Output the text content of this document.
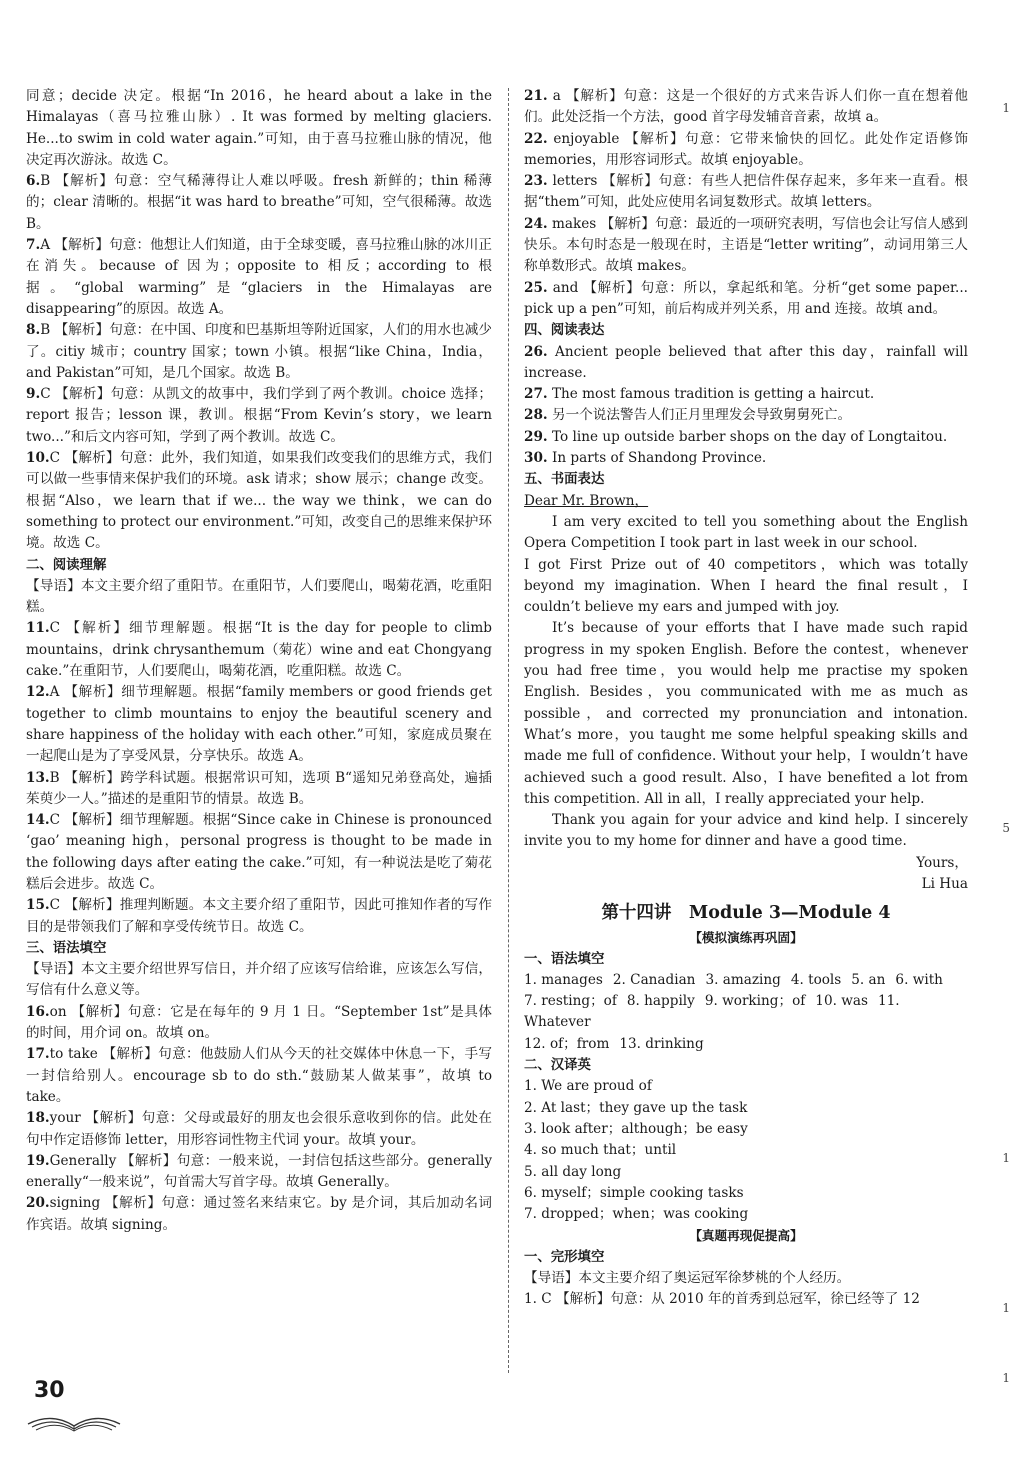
同意；decide 决定。根据“In 2016，he heard about a lake in the Himalayas（喜马拉雅山脉）. It was formed by melting glaciers. He...to swim in cold water again.”可知，由于喜马拉雅山脉的情况，他决定再次游泳。故选 C。

6.B 【解析】句意：空气稀薄得让人难以呼吸。fresh 新鲜的；thin 稀薄的；clear 清晰的。根据“it was hard to breathe”可知，空气很稀薄。故选 B。

7.A 【解析】句意：他想让人们知道，由于全球变暖，喜马拉雅山脉的冰川正在消失。because of 因为；opposite to 相反；according to 根据。“global warming”是“glaciers in the Himalayas are disappearing”的原因。故选 A。

8.B 【解析】句意：在中国、印度和巴基斯坦等附近国家，人们的用水也减少了。citiy 城市；country 国家；town 小镇。根据“like China，India，and Pakistan”可知，是几个国家。故选 B。

9.C 【解析】句意：从凯文的故事中，我们学到了两个教训。choice 选择；report 报告；lesson 课，教训。根据“From Kevin’s story，we learn two...”和后文内容可知，学到了两个教训。故选 C。

10.C 【解析】句意：此外，我们知道，如果我们改变我们的思维方式，我们可以做一些事情来保护我们的环境。ask 请求；show 展示；change 改变。根据“Also，we learn that if we... the way we think，we can do something to protect our environment.”可知，改变自己的思维来保护环境。故选 C。

二、阅读理解

【导语】本文主要介绍了重阳节。在重阳节，人们要爬山，喝菊花酒，吃重阳糕。

11.C 【解析】细节理解题。根据“It is the day for people to climb mountains，drink chrysanthemum（菊花）wine and eat Chongyang cake.”在重阳节，人们要爬山，喝菊花酒，吃重阳糕。故选 C。

12.A 【解析】细节理解题。根据“family members or good friends get together to climb mountains to enjoy the beautiful scenery and share happiness of the holiday with each other.”可知，家庭成员聚在一起爬山是为了享受风景，分享快乐。故选 A。

13.B 【解析】跨学科试题。根据常识可知，选项 B“遥知兄弟登高处，遍插茱萸少一人。”描述的是重阳节的情景。故选 B。

14.C 【解析】细节理解题。根据“Since cake in Chinese is pronounced ‘gao’ meaning high，personal progress is thought to be made in the following days after eating the cake.”可知，有一种说法是吃了菊花糕后会进步。故选 C。

15.C 【解析】推理判断题。本文主要介绍了重阳节，因此可推知作者的写作目的是带领我们了解和享受传统节日。故选 C。

三、语法填空

【导语】本文主要介绍世界写信日，并介绍了应该写信给谁，应该怎么写信，写信有什么意义等。

16.on 【解析】句意：它是在每年的 9 月 1 日。“September 1st”是具体的时间，用介词 on。故填 on。

17.to take 【解析】句意：他鼓励人们从今天的社交媒体中休息一下，手写一封信给别人。encourage sb to do sth.“鼓励某人做某事”，故填 to take。

18.your 【解析】句意：父母或最好的朋友也会很乐意收到你的信。此处在句中作定语修饰 letter，用形容词性物主代词 your。故填 your。

19.Generally 【解析】句意：一般来说，一封信包括这些部分。generally enerally“一般来说”，句首需大写首字母。故填 Generally。

20.signing 【解析】句意：通过签名来结束它。by 是介词，其后加动名词作宾语。故填 signing。

21. a 【解析】句意：这是一个很好的方式来告诉人们你一直在想着他们。此处泛指一个方法，good 首字母发辅音音素，故填 a。

22. enjoyable 【解析】句意：它带来愉快的回忆。此处作定语修饰 memories，用形容词形式。故填 enjoyable。

23. letters 【解析】句意：有些人把信件保存起来，多年来一直看。根据“them”可知，此处应使用名词复数形式。故填 letters。

24. makes 【解析】句意：最近的一项研究表明，写信也会让写信人感到快乐。本句时态是一般现在时，主语是“letter writing”，动词用第三人称单数形式。故填 makes。

25. and 【解析】句意：所以，拿起纸和笔。分析“get some paper... pick up a pen”可知，前后构成并列关系，用 and 连接。故填 and。

四、阅读表达

26. Ancient people believed that after this day，rainfall will increase.

27. The most famous tradition is getting a haircut.

28. 另一个说法警告人们正月里理发会导致舅舅死亡。

29. To line up outside barber shops on the day of Longtaitou.

30. In parts of Shandong Province.

五、书面表达

Dear Mr. Brown，

I am very excited to tell you something about the English Opera Competition I took part in last week in our school.

I got First Prize out of 40 competitors，which was totally beyond my imagination. When I heard the final result，I couldn’t believe my ears and jumped with joy.

It’s because of your efforts that I have made such rapid progress in my spoken English. Before the contest，whenever you had free time，you would help me practise my spoken English. Besides，you communicated with me as much as possible，and corrected my pronunciation and intonation. What’s more，you taught me some helpful speaking skills and made me full of confidence. Without your help，I wouldn’t have achieved such a good result. Also，I have benefited a lot from this competition. All in all，I really appreciated your help.

Thank you again for your advice and kind help. I sincerely invite you to my home for dinner and have a good time.

Yours，

Li Hua

第十四讲　Module 3—Module 4

【模拟演练再巩固】

一、语法填空

1. manages 2. Canadian 3. amazing 4. tools 5. an 6. with

7. resting；of 8. happily 9. working；of 10. was 11. Whatever

12. of；from 13. drinking

二、汉译英

1. We are proud of

2. At last；they gave up the task

3. look after；although；be easy

4. so much that；until

5. all day long

6. myself；simple cooking tasks

7. dropped；when；was cooking

【真题再现促提高】

一、完形填空

【导语】本文主要介绍了奥运冠军徐梦桃的个人经历。

1. C 【解析】句意：从 2010 年的首秀到总冠军，徐已经等了 12

30
1
5
1
1
1
